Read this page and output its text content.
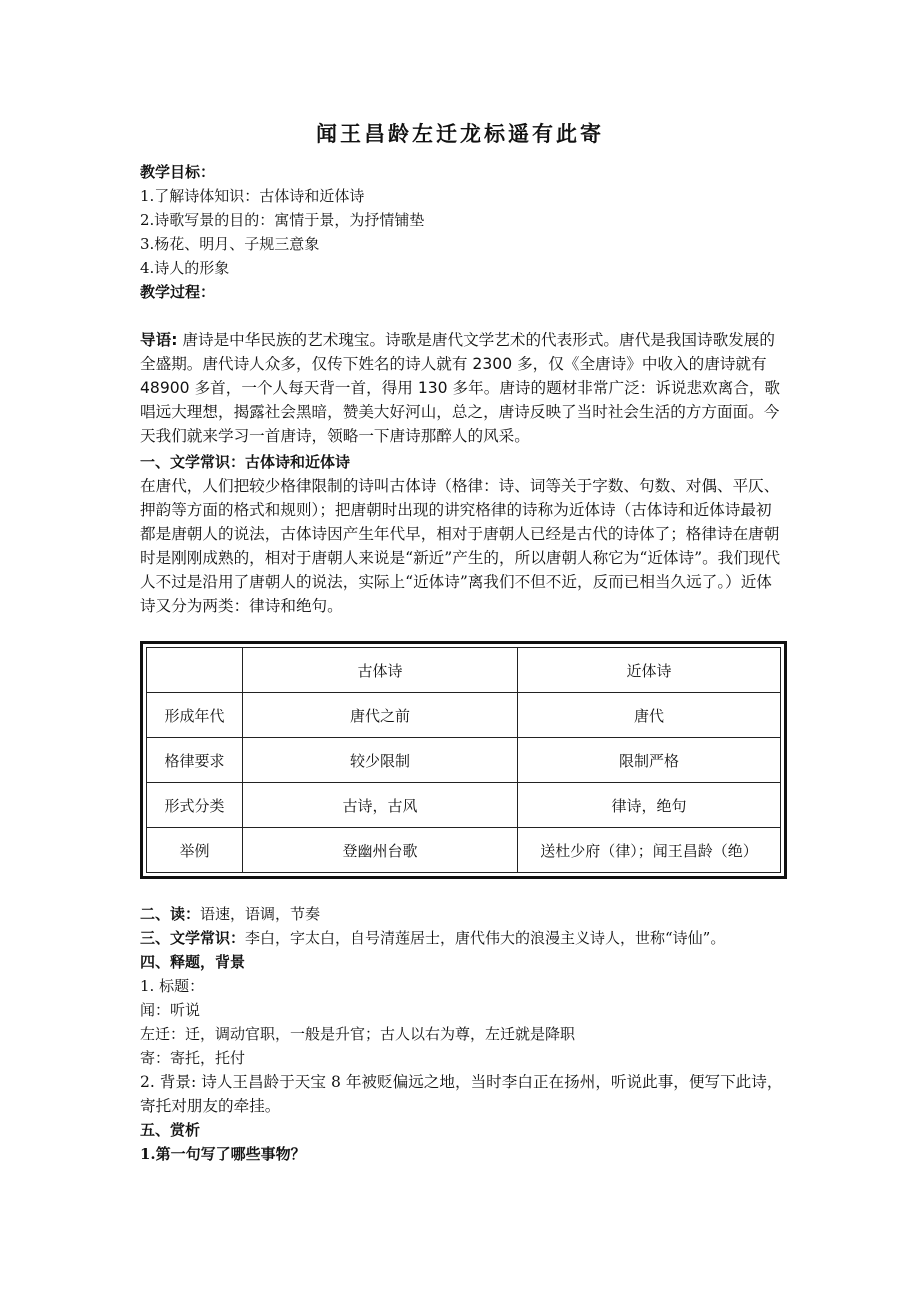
闻王昌龄左迁龙标遥有此寄
教学目标：
1.了解诗体知识：古体诗和近体诗
2.诗歌写景的目的：寓情于景，为抒情铺垫
3.杨花、明月、子规三意象
4.诗人的形象
教学过程：
导语: 唐诗是中华民族的艺术瑰宝。诗歌是唐代文学艺术的代表形式。唐代是我国诗歌发展的全盛期。唐代诗人众多，仅传下姓名的诗人就有 2300 多，仅《全唐诗》中收入的唐诗就有 48900 多首，一个人每天背一首，得用 130 多年。唐诗的题材非常广泛：诉说悲欢离合，歌唱远大理想，揭露社会黑暗，赞美大好河山，总之，唐诗反映了当时社会生活的方方面面。今天我们就来学习一首唐诗，领略一下唐诗那醉人的风采。
一、文学常识：古体诗和近体诗
在唐代，人们把较少格律限制的诗叫古体诗（格律：诗、词等关于字数、句数、对偶、平仄、押韵等方面的格式和规则）；把唐朝时出现的讲究格律的诗称为近体诗（古体诗和近体诗最初都是唐朝人的说法，古体诗因产生年代早，相对于唐朝人已经是古代的诗体了；格律诗在唐朝时是刚刚成熟的，相对于唐朝人来说是“新近”产生的，所以唐朝人称它为“近体诗”。我们现代人不过是沿用了唐朝人的说法，实际上“近体诗”离我们不但不近，反而已相当久远了。）近体诗又分为两类：律诗和绝句。
	古体诗	近体诗
形成年代	唐代之前	唐代
格律要求	较少限制	限制严格
形式分类	古诗，古风	律诗，绝句
举例	登幽州台歌	送杜少府（律）；闻王昌龄（绝）
二、读：语速，语调，节奏
三、文学常识：李白，字太白，自号清莲居士，唐代伟大的浪漫主义诗人，世称“诗仙”。
四、释题，背景
1. 标题：
闻：听说
左迁：迁，调动官职，一般是升官；古人以右为尊，左迁就是降职
寄：寄托，托付
2. 背景: 诗人王昌龄于天宝 8 年被贬偏远之地，当时李白正在扬州，听说此事，便写下此诗，寄托对朋友的牵挂。
五、赏析
1.第一句写了哪些事物？
